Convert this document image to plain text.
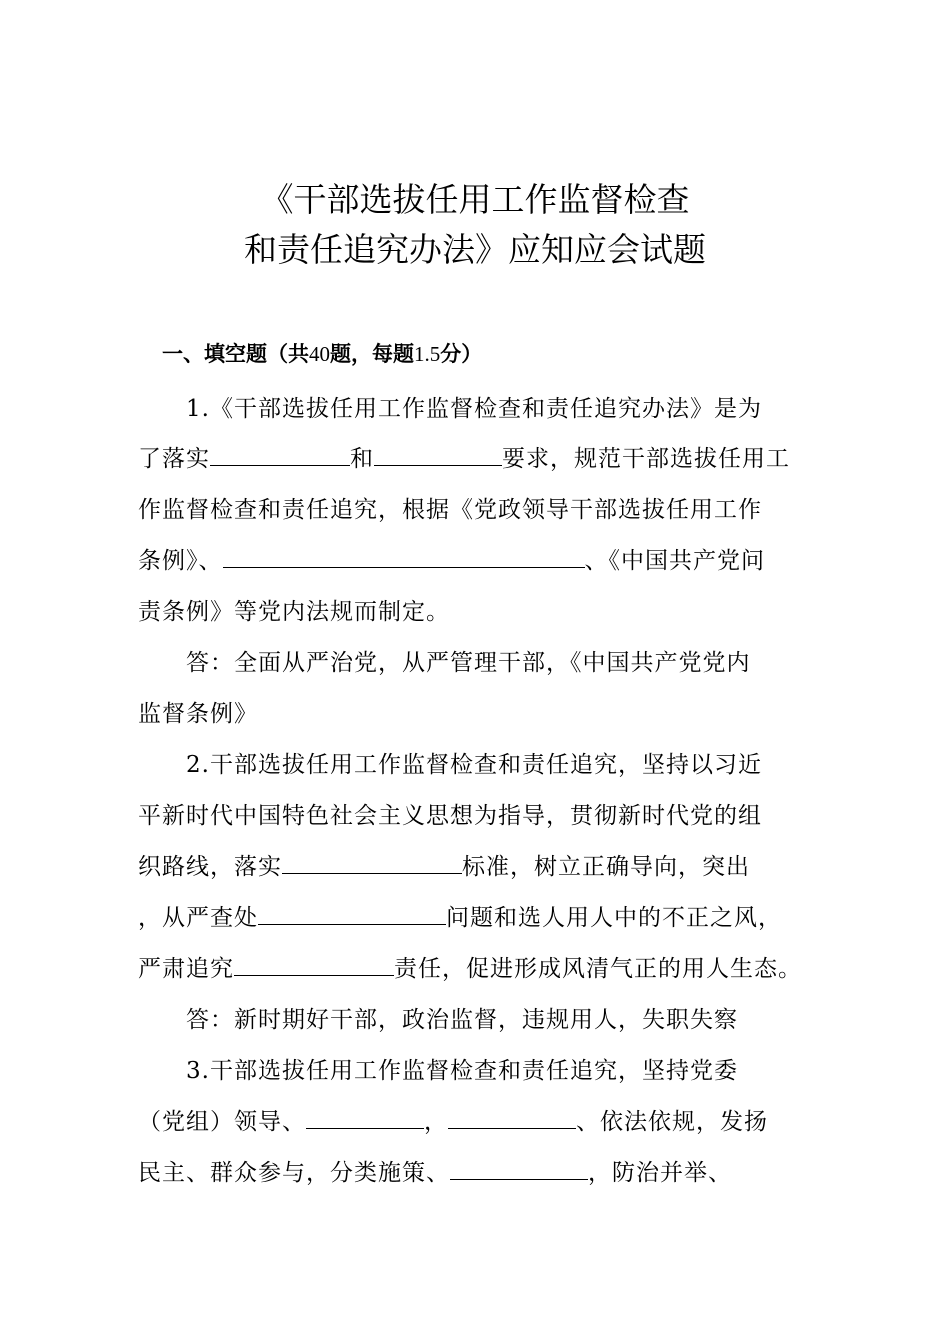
《干部选拔任用工作监督检查
和责任追究办法》应知应会试题
一、填空题（共40题，每题1.5分）
1.《干部选拔任用工作监督检查和责任追究办法》是为
了落实	和	要求，规范干部选拔任用工
作监督检查和责任追究，根据《党政领导干部选拔任用工作
条例》、	、《中国共产党问
责条例》等党内法规而制定。
答：全面从严治党，从严管理干部，《中国共产党党内
监督条例》
2.干部选拔任用工作监督检查和责任追究，坚持以习近
平新时代中国特色社会主义思想为指导，贯彻新时代党的组
织路线，落实	标准，树立正确导向，突出
，从严查处	问题和选人用人中的不正之风，
严肃追究	责任，促进形成风清气正的用人生态。
答：新时期好干部，政治监督，违规用人，失职失察
3.干部选拔任用工作监督检查和责任追究，坚持党委
（党组）领导、	，	、依法依规，发扬
民主、群众参与，分类施策、	，防治并举、
